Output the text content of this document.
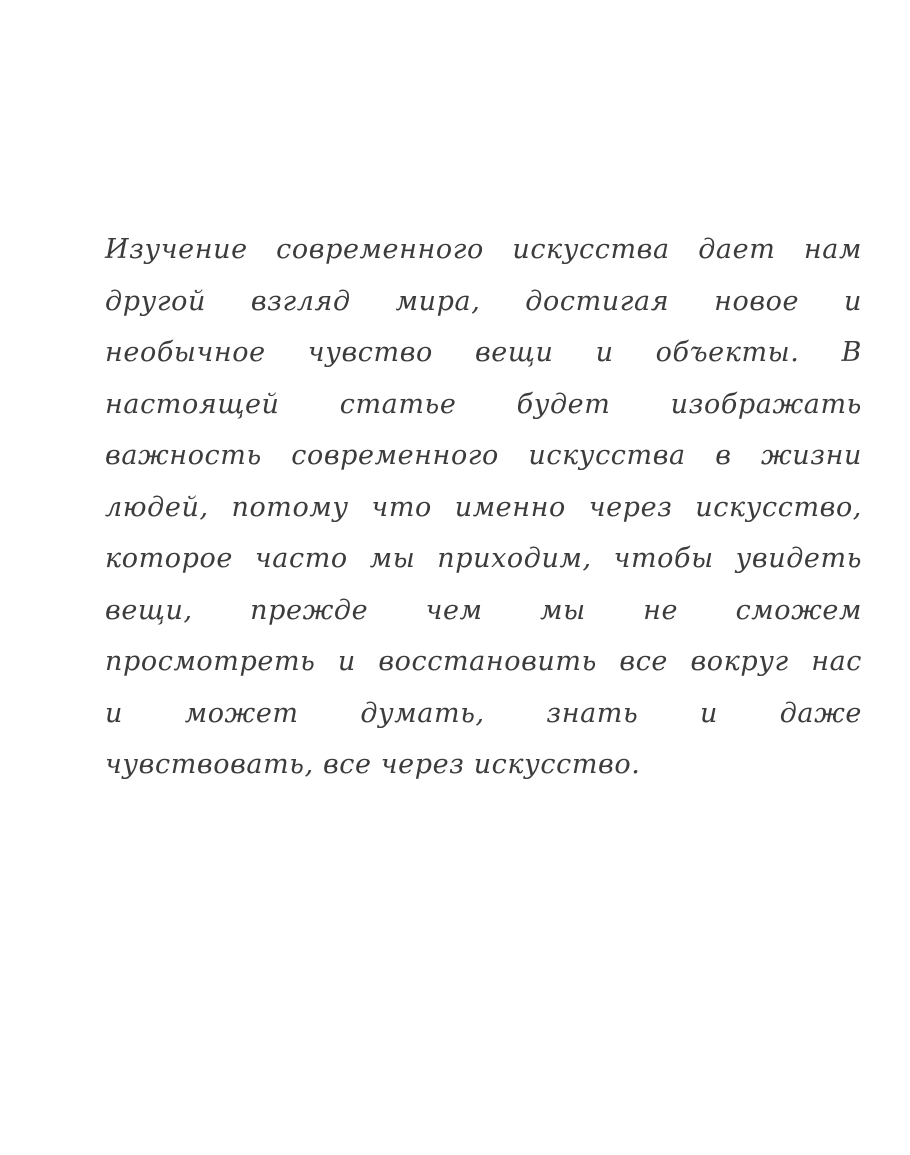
Изучение современного искусства дает нам
другой взгляд мира, достигая новое и
необычное чувство вещи и объекты. В
настоящей статье будет изображать
важность современного искусства в жизни
людей, потому что именно через искусство,
которое часто мы приходим, чтобы увидеть
вещи, прежде чем мы не сможем
просмотреть и восстановить все вокруг нас
и может думать, знать и даже
чувствовать, все через искусство.
